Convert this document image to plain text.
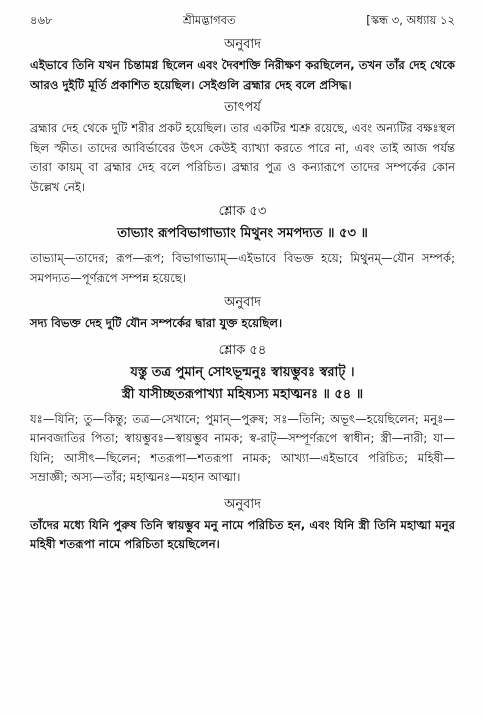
৪৬৮	শ্রীমদ্ভাগবত	[স্কন্ধ ৩, অধ্যায় ১২
অনুবাদ

এইভাবে তিনি যখন চিন্তামগ্ন ছিলেন এবং দৈবশক্তি নিরীক্ষণ করছিলেন, তখন তাঁর দেহ থেকে আরও দুইটি মূর্তি প্রকাশিত হয়েছিল। সেইগুলি ব্রহ্মার দেহ বলে প্রসিদ্ধ।

তাৎপর্য

ব্রহ্মার দেহ থেকে দুটি শরীর প্রকট হয়েছিল। তার একটির শ্মশ্রু রয়েছে, এবং অন্যটির বক্ষঃস্থল ছিল স্ফীত। তাদের আবির্ভাবের উৎস কেউই ব্যাখ্যা করতে পারে না, এবং তাই আজ পর্যন্ত তারা কায়ম্ বা ব্রহ্মার দেহ বলে পরিচিত। ব্রহ্মার পুত্র ও কন্যারূপে তাদের সম্পর্কের কোন উল্লেখ নেই।

শ্লোক ৫৩

তাভ্যাং রূপবিভাগাভ্যাং মিথুনং সমপদ্যত ॥ ৫৩ ॥

তাভ্যাম্—তাদের; রূপ—রূপ; বিভাগাভ্যাম্—এইভাবে বিভক্ত হয়ে; মিথুনম্—যৌন সম্পর্ক; সমপদ্যত—পূর্ণরূপে সম্পন্ন হয়েছে।

অনুবাদ

সদ্য বিভক্ত দেহ দুটি যৌন সম্পর্কের দ্বারা যুক্ত হয়েছিল।

শ্লোক ৫৪

যস্তু তত্র পুমান্ সোঽভূন্মনুঃ স্বায়ম্ভুবঃ স্বরাট্ ।

স্ত্রী যাসীচ্ছতরূপাখ্যা মহিষ্যস্য মহাত্মনঃ ॥ ৫৪ ॥

যঃ—যিনি; তু—কিন্তু; তত্র—সেখানে; পুমান্—পুরুষ; সঃ—তিনি; অভূৎ—হয়েছিলেন; মনুঃ—মানবজাতির পিতা; স্বায়ম্ভুবঃ—স্বায়ম্ভুব নামক; স্ব-রাট্—সম্পূর্ণরূপে স্বাধীন; স্ত্রী—নারী; যা—যিনি; আসীৎ—ছিলেন; শতরূপা—শতরূপা নামক; আখ্যা—এইভাবে পরিচিত; মহিষী—সম্রাজ্ঞী; অস্য—তাঁর; মহাত্মনঃ—মহান আত্মা।

অনুবাদ

তাঁদের মধ্যে যিনি পুরুষ তিনি স্বায়ম্ভুব মনু নামে পরিচিত হন, এবং যিনি স্ত্রী তিনি মহাত্মা মনুর মহিষী শতরূপা নামে পরিচিতা হয়েছিলেন।
